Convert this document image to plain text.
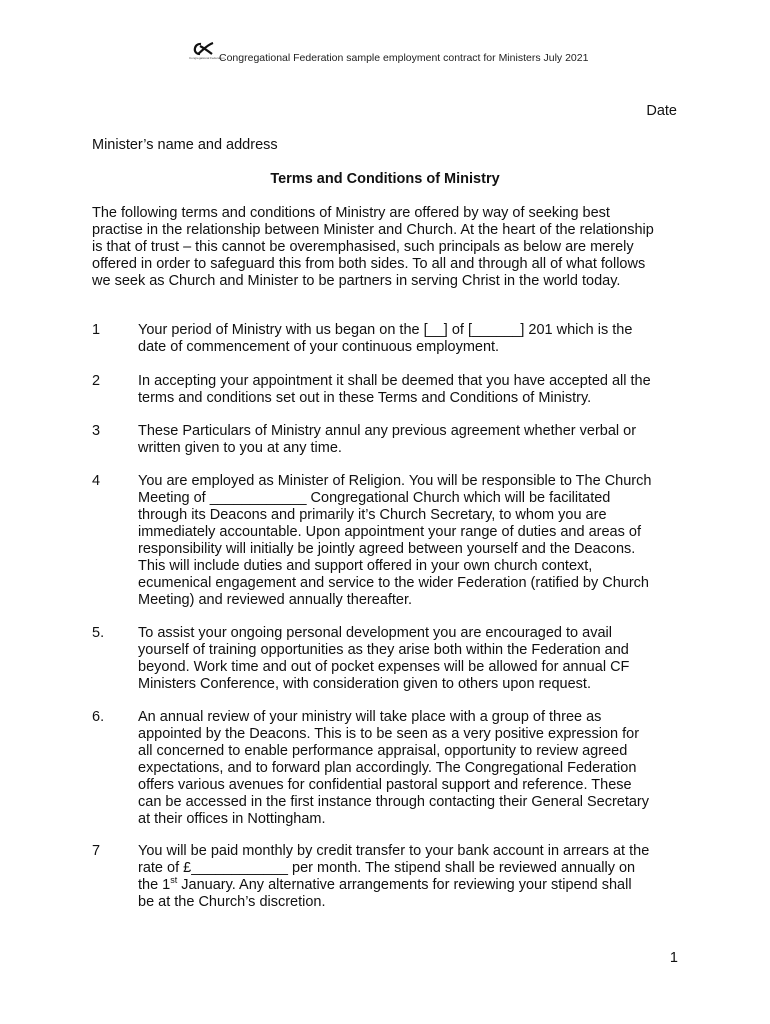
Congregational Federation
Congregational Federation sample employment contract for Ministers July 2021
Date
Minister’s name and address
Terms and Conditions of Ministry
The following terms and conditions of Ministry are offered by way of seeking best
practise in the relationship between Minister and Church. At the heart of the relationship
is that of trust – this cannot be overemphasised, such principals as below are merely
offered in order to safeguard this from both sides. To all and through all of what follows
we seek as Church and Minister to be partners in serving Christ in the world today.
1	Your period of Ministry with us began on the [__] of [______] 201 which is the
date of commencement of your continuous employment.
2	In accepting your appointment it shall be deemed that you have accepted all the
terms and conditions set out in these Terms and Conditions of Ministry.
3	These Particulars of Ministry annul any previous agreement whether verbal or
written given to you at any time.
4	You are employed as Minister of Religion. You will be responsible to The Church
Meeting of ____________ Congregational Church which will be facilitated
through its Deacons and primarily it’s Church Secretary, to whom you are
immediately accountable. Upon appointment your range of duties and areas of
responsibility will initially be jointly agreed between yourself and the Deacons.
This will include duties and support offered in your own church context,
ecumenical engagement and service to the wider Federation (ratified by Church
Meeting) and reviewed annually thereafter.
5. To assist your ongoing personal development you are encouraged to avail
yourself of training opportunities as they arise both within the Federation and
beyond. Work time and out of pocket expenses will be allowed for annual CF
Ministers Conference, with consideration given to others upon request.
6. An annual review of your ministry will take place with a group of three as
appointed by the Deacons. This is to be seen as a very positive expression for
all concerned to enable performance appraisal, opportunity to review agreed
expectations, and to forward plan accordingly. The Congregational Federation
offers various avenues for confidential pastoral support and reference. These
can be accessed in the first instance through contacting their General Secretary
at their offices in Nottingham.
7	You will be paid monthly by credit transfer to your bank account in arrears at the
rate of £____________ per month. The stipend shall be reviewed annually on
the 1st January. Any alternative arrangements for reviewing your stipend shall
be at the Church’s discretion.
1
